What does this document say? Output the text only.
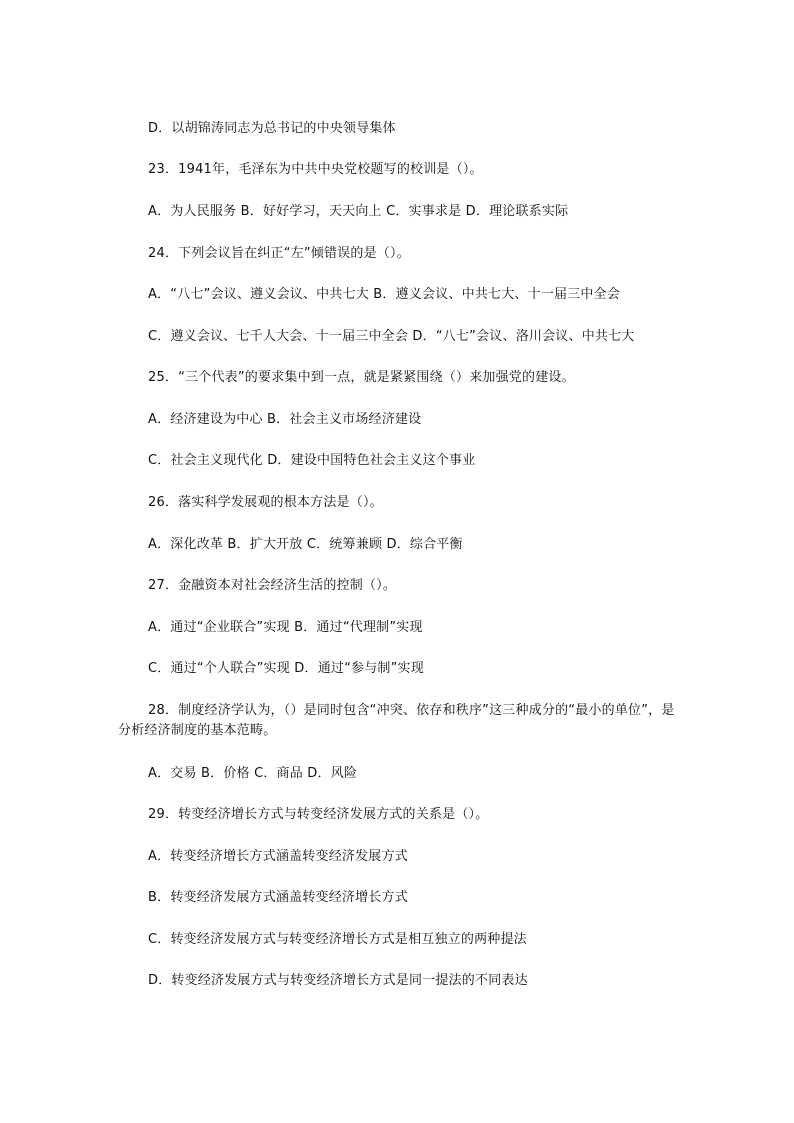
D．以胡锦涛同志为总书记的中央领导集体
23．1941年，毛泽东为中共中央党校题写的校训是（）。
A．为人民服务 B．好好学习，天天向上 C．实事求是 D．理论联系实际
24．下列会议旨在纠正“左”倾错误的是（）。
A．“八七”会议、遵义会议、中共七大 B．遵义会议、中共七大、十一届三中全会
C．遵义会议、七千人大会、十一届三中全会 D．“八七”会议、洛川会议、中共七大
25．“三个代表”的要求集中到一点，就是紧紧围绕（）来加强党的建设。
A．经济建设为中心 B．社会主义市场经济建设
C．社会主义现代化 D．建设中国特色社会主义这个事业
26．落实科学发展观的根本方法是（）。
A．深化改革 B．扩大开放 C．统筹兼顾 D．综合平衡
27．金融资本对社会经济生活的控制（）。
A．通过“企业联合”实现 B．通过“代理制”实现
C．通过“个人联合”实现 D．通过“参与制”实现
28．制度经济学认为，（）是同时包含“冲突、依存和秩序”这三种成分的“最小的单位”，是分析经济制度的基本范畴。
A．交易 B．价格 C．商品 D．风险
29．转变经济增长方式与转变经济发展方式的关系是（）。
A．转变经济增长方式涵盖转变经济发展方式
B．转变经济发展方式涵盖转变经济增长方式
C．转变经济发展方式与转变经济增长方式是相互独立的两种提法
D．转变经济发展方式与转变经济增长方式是同一提法的不同表达
